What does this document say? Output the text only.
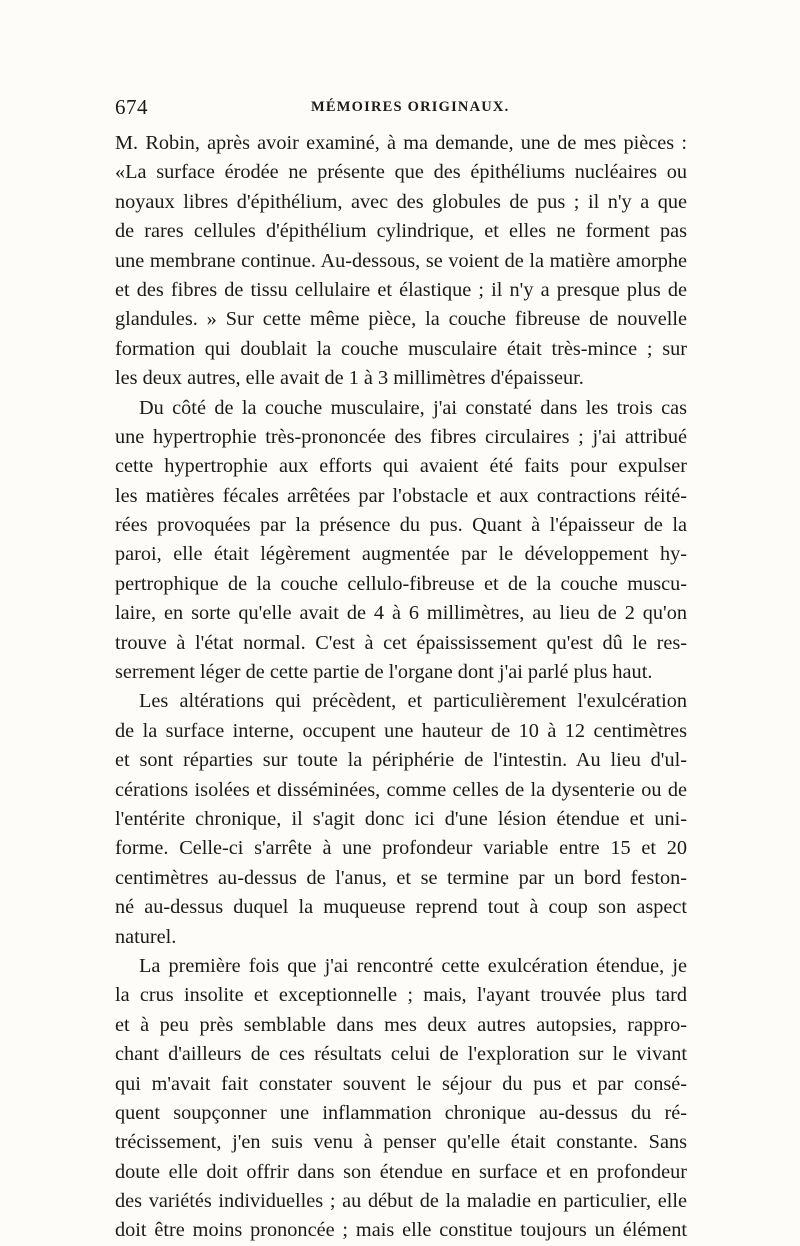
674	MÉMOIRES ORIGINAUX.
M. Robin, après avoir examiné, à ma demande, une de mes pièces :
«La surface érodée ne présente que des épithéliums nucléaires ou
noyaux libres d'épithélium, avec des globules de pus ; il n'y a que
de rares cellules d'épithélium cylindrique, et elles ne forment pas
une membrane continue. Au-dessous, se voient de la matière amorphe
et des fibres de tissu cellulaire et élastique ; il n'y a presque plus de
glandules. » Sur cette même pièce, la couche fibreuse de nouvelle
formation qui doublait la couche musculaire était très-mince ; sur
les deux autres, elle avait de 1 à 3 millimètres d'épaisseur.
Du côté de la couche musculaire, j'ai constaté dans les trois cas
une hypertrophie très-prononcée des fibres circulaires ; j'ai attribué
cette hypertrophie aux efforts qui avaient été faits pour expulser
les matières fécales arrêtées par l'obstacle et aux contractions réité-
rées provoquées par la présence du pus. Quant à l'épaisseur de la
paroi, elle était légèrement augmentée par le développement hy-
pertrophique de la couche cellulo-fibreuse et de la couche muscu-
laire, en sorte qu'elle avait de 4 à 6 millimètres, au lieu de 2 qu'on
trouve à l'état normal. C'est à cet épaississement qu'est dû le res-
serrement léger de cette partie de l'organe dont j'ai parlé plus haut.
Les altérations qui précèdent, et particulièrement l'exulcération
de la surface interne, occupent une hauteur de 10 à 12 centimètres
et sont réparties sur toute la périphérie de l'intestin. Au lieu d'ul-
cérations isolées et disséminées, comme celles de la dysenterie ou de
l'entérite chronique, il s'agit donc ici d'une lésion étendue et uni-
forme. Celle-ci s'arrête à une profondeur variable entre 15 et 20
centimètres au-dessus de l'anus, et se termine par un bord feston-
né au-dessus duquel la muqueuse reprend tout à coup son aspect
naturel.
La première fois que j'ai rencontré cette exulcération étendue, je
la crus insolite et exceptionnelle ; mais, l'ayant trouvée plus tard
et à peu près semblable dans mes deux autres autopsies, rappro-
chant d'ailleurs de ces résultats celui de l'exploration sur le vivant
qui m'avait fait constater souvent le séjour du pus et par consé-
quent soupçonner une inflammation chronique au-dessus du ré-
trécissement, j'en suis venu à penser qu'elle était constante. Sans
doute elle doit offrir dans son étendue en surface et en profondeur
des variétés individuelles ; au début de la maladie en particulier, elle
doit être moins prononcée ; mais elle constitue toujours un élément
